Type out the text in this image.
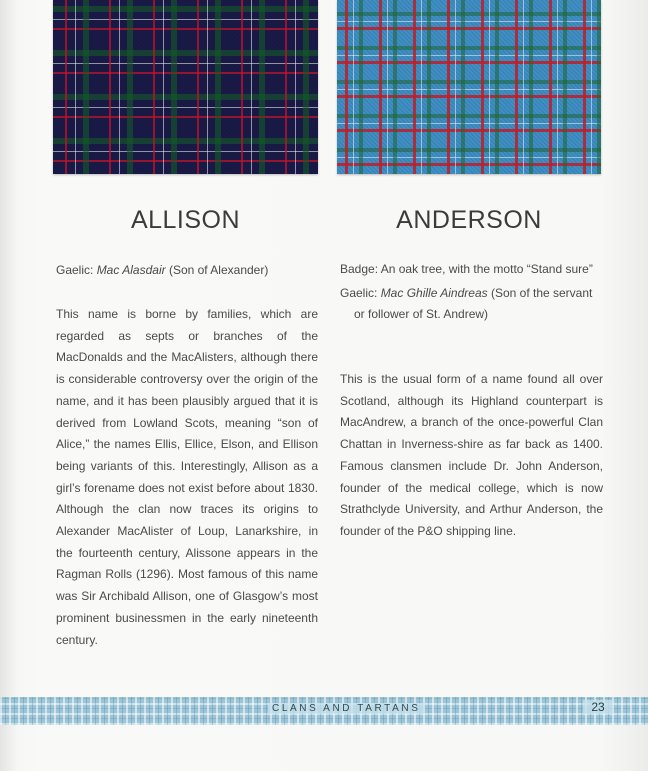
ALLISON	ANDERSON

Gaelic: Mac Alasdair (Son of Alexander)

This name is borne by families, which are regarded as septs or branches of the MacDonalds and the MacAlisters, although there is considerable controversy over the origin of the name, and it has been plausibly argued that it is derived from Lowland Scots, meaning “son of Alice,” the names Ellis, Ellice, Elson, and Ellison being variants of this. Interestingly, Allison as a girl’s forename does not exist before about 1830. Although the clan now traces its origins to Alexander MacAlister of Loup, Lanarkshire, in the fourteenth century, Alissone appears in the Ragman Rolls (1296). Most famous of this name was Sir Archibald Allison, one of Glasgow’s most prominent businessmen in the early nineteenth century.

Badge: An oak tree, with the motto “Stand sure”

Gaelic: Mac Ghille Aindreas (Son of the servant or follower of St. Andrew)

This is the usual form of a name found all over Scotland, although its Highland counterpart is MacAndrew, a branch of the once-powerful Clan Chattan in Inverness-shire as far back as 1400. Famous clansmen include Dr. John Anderson, founder of the medical college, which is now Strathclyde University, and Arthur Anderson, the founder of the P&O shipping line.

CLANS AND TARTANS	23
